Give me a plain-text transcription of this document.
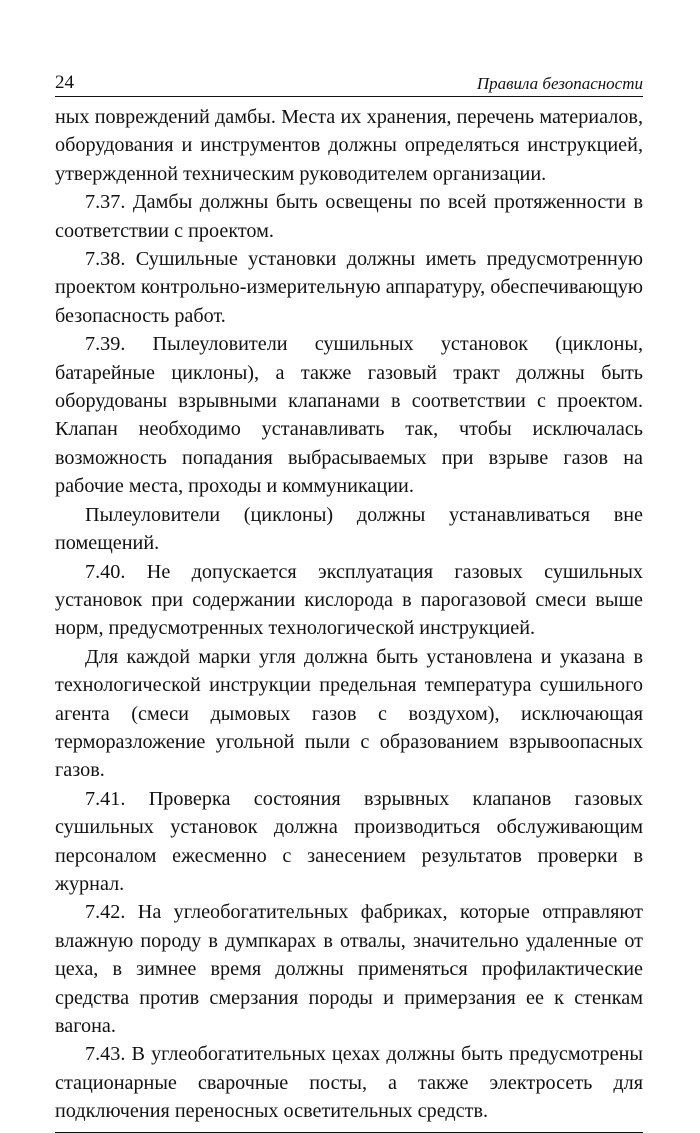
24	Правила безопасности

ных повреждений дамбы. Места их хранения, перечень материалов, оборудования и инструментов должны определяться инструкцией, утвержденной техническим руководителем организации.

7.37. Дамбы должны быть освещены по всей протяженности в соответствии с проектом.

7.38. Сушильные установки должны иметь предусмотренную проектом контрольно-измерительную аппаратуру, обеспечивающую безопасность работ.

7.39. Пылеуловители сушильных установок (циклоны, батарейные циклоны), а также газовый тракт должны быть оборудованы взрывными клапанами в соответствии с проектом. Клапан необходимо устанавливать так, чтобы исключалась возможность попадания выбрасываемых при взрыве газов на рабочие места, проходы и коммуникации.

Пылеуловители (циклоны) должны устанавливаться вне помещений.

7.40. Не допускается эксплуатация газовых сушильных установок при содержании кислорода в парогазовой смеси выше норм, предусмотренных технологической инструкцией.

Для каждой марки угля должна быть установлена и указана в технологической инструкции предельная температура сушильного агента (смеси дымовых газов с воздухом), исключающая терморазложение угольной пыли с образованием взрывоопасных газов.

7.41. Проверка состояния взрывных клапанов газовых сушильных установок должна производиться обслуживающим персоналом ежесменно с занесением результатов проверки в журнал.

7.42. На углеобогатительных фабриках, которые отправляют влажную породу в думпкарах в отвалы, значительно удаленные от цеха, в зимнее время должны применяться профилактические средства против смерзания породы и примерзания ее к стенкам вагона.

7.43. В углеобогатительных цехах должны быть предусмотрены стационарные сварочные посты, а также электросеть для подключения переносных осветительных средств.
